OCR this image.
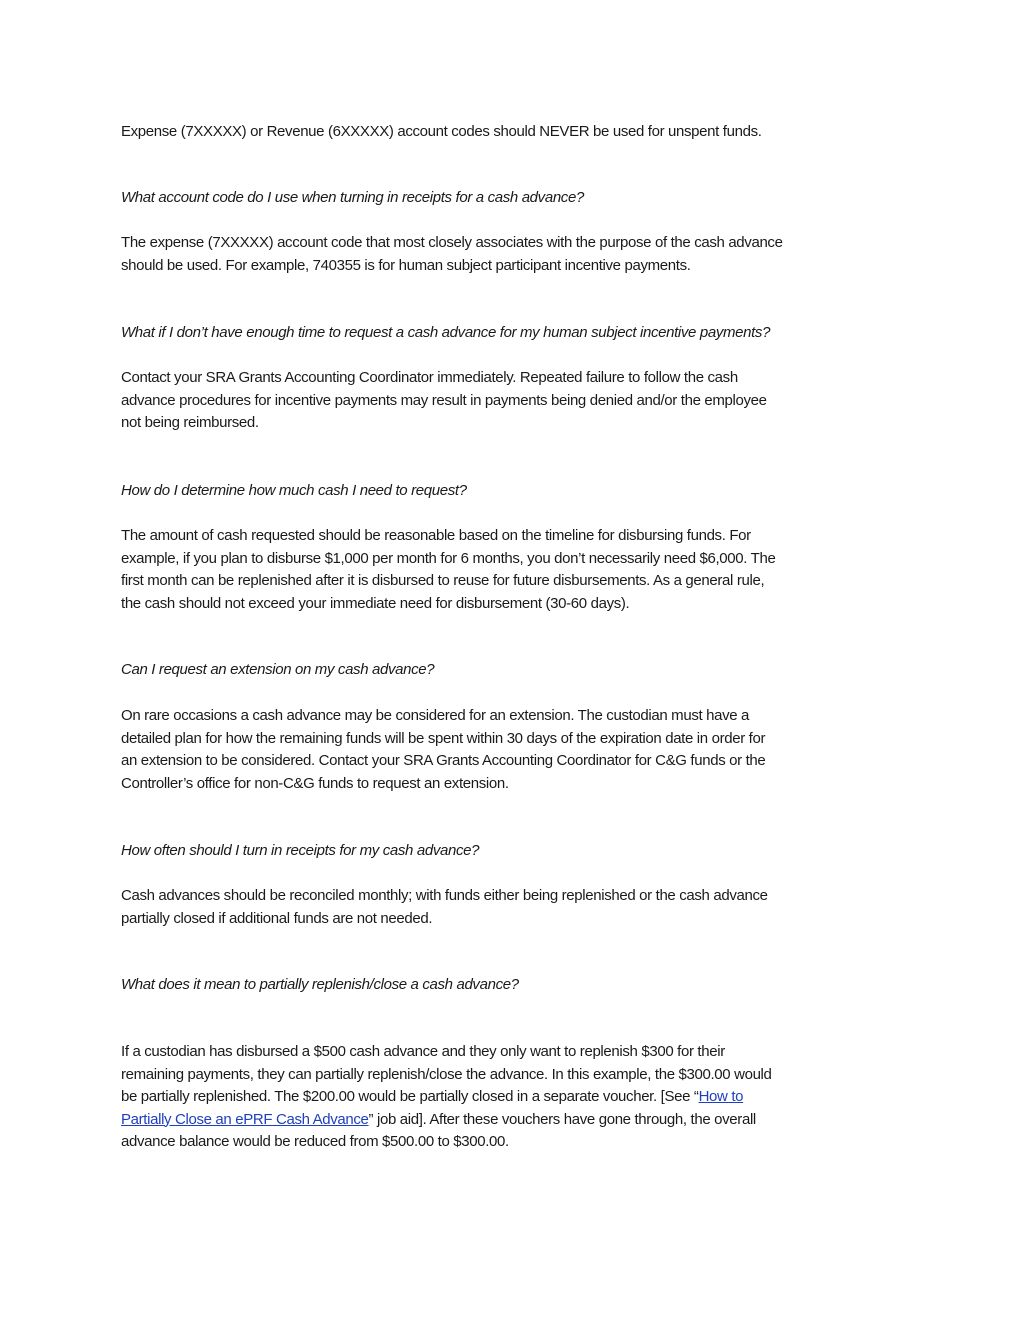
Expense (7XXXXX) or Revenue (6XXXXX) account codes should NEVER be used for unspent funds.
What account code do I use when turning in receipts for a cash advance?
The expense (7XXXXX) account code that most closely associates with the purpose of the cash advance
should be used. For example, 740355 is for human subject participant incentive payments.
What if I don’t have enough time to request a cash advance for my human subject incentive payments?
Contact your SRA Grants Accounting Coordinator immediately. Repeated failure to follow the cash
advance procedures for incentive payments may result in payments being denied and/or the employee
not being reimbursed.
How do I determine how much cash I need to request?
The amount of cash requested should be reasonable based on the timeline for disbursing funds. For
example, if you plan to disburse $1,000 per month for 6 months, you don’t necessarily need $6,000. The
first month can be replenished after it is disbursed to reuse for future disbursements. As a general rule,
the cash should not exceed your immediate need for disbursement (30-60 days).
Can I request an extension on my cash advance?
On rare occasions a cash advance may be considered for an extension. The custodian must have a
detailed plan for how the remaining funds will be spent within 30 days of the expiration date in order for
an extension to be considered. Contact your SRA Grants Accounting Coordinator for C&G funds or the
Controller’s office for non-C&G funds to request an extension.
How often should I turn in receipts for my cash advance?
Cash advances should be reconciled monthly; with funds either being replenished or the cash advance
partially closed if additional funds are not needed.
What does it mean to partially replenish/close a cash advance?
If a custodian has disbursed a $500 cash advance and they only want to replenish $300 for their
remaining payments, they can partially replenish/close the advance. In this example, the $300.00 would
be partially replenished. The $200.00 would be partially closed in a separate voucher. [See “How to
Partially Close an ePRF Cash Advance” job aid]. After these vouchers have gone through, the overall
advance balance would be reduced from $500.00 to $300.00.
